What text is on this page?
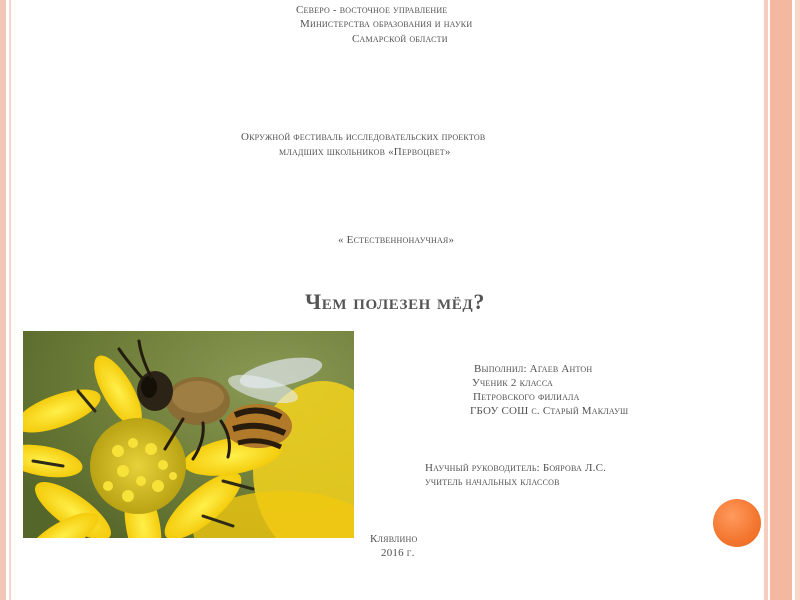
Северо - восточное управление
Министерства образования и науки
Самарской области
Окружной фестиваль исследовательских проектов
младших школьников «Первоцвет»
« Естественнонаучная»
Чем полезен мёд?
Выполнил: Агаев Антон
Ученик 2 класса
Петровского филиала
ГБОУ СОШ с. Старый Маклауш
Научный руководитель: Боярова Л.С.
учитель начальных классов
Клявлино
2016 г.
